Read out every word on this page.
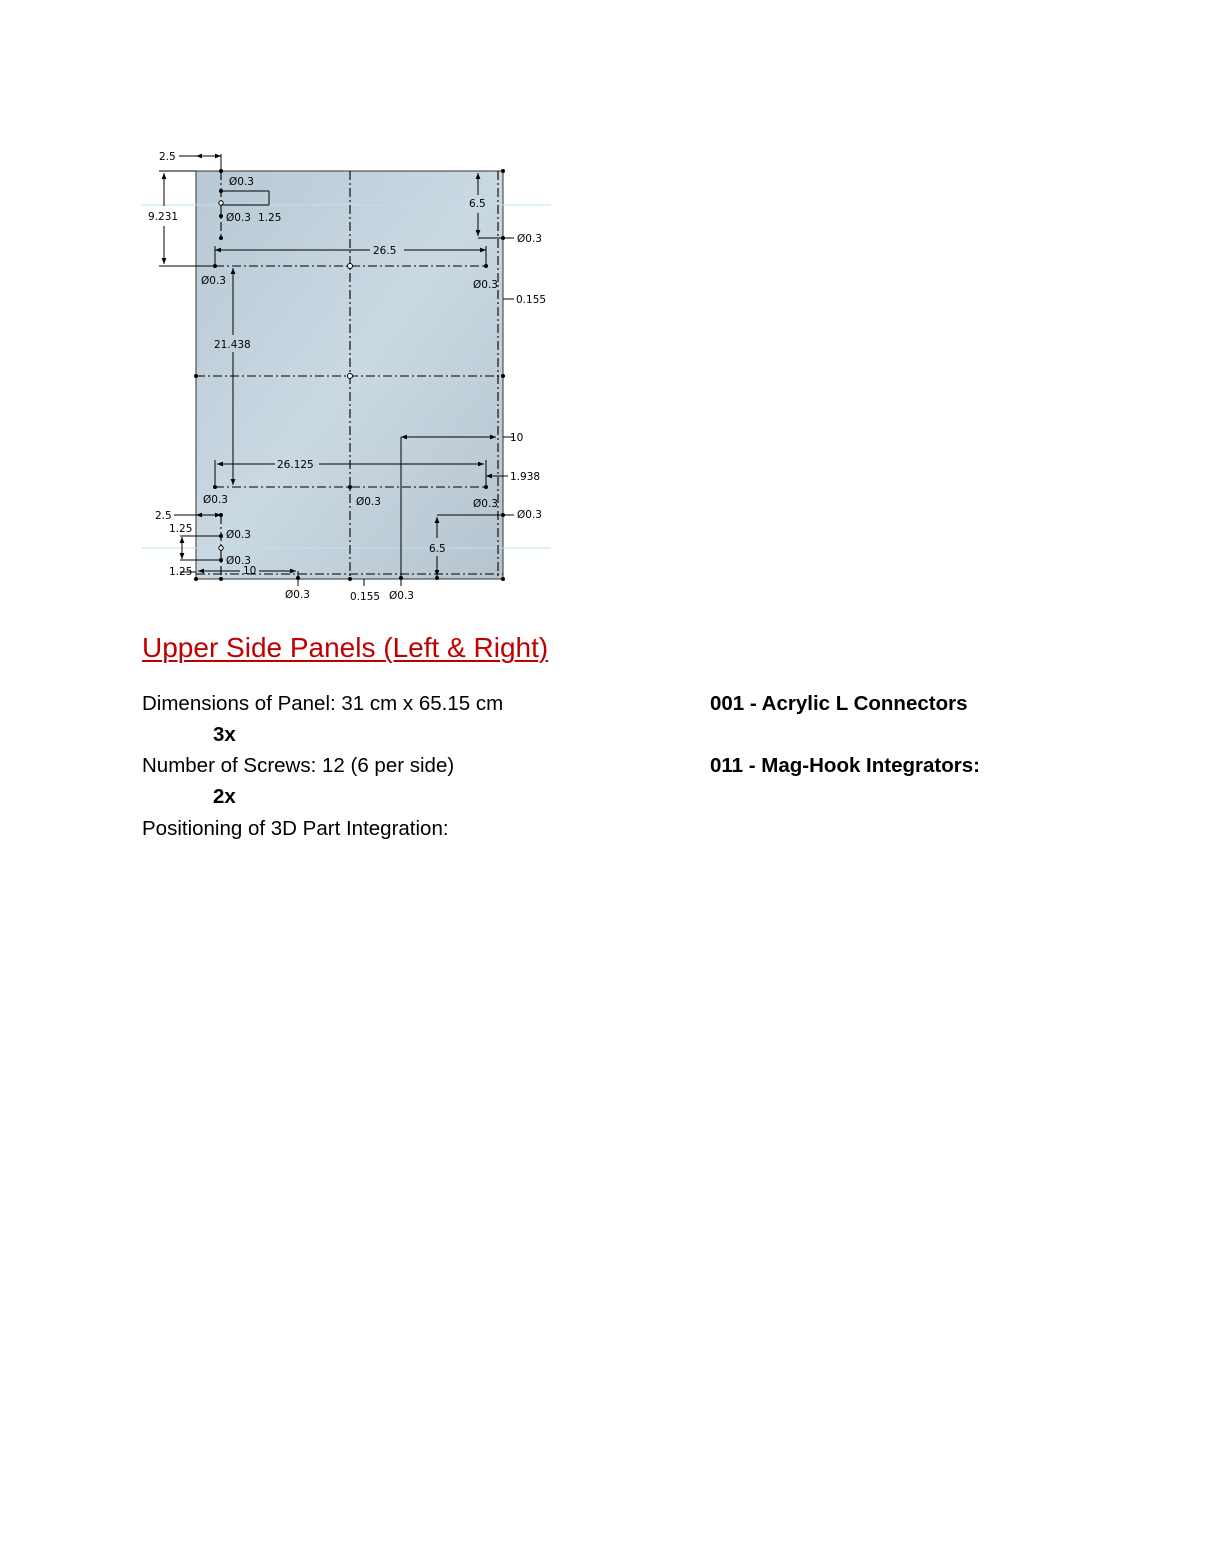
2.5
Ø0.3
Ø0.3 1.25
9.231
6.5
Ø0.3
26.5
Ø0.3	Ø0.3
0.155
21.438
10
26.125
1.938
Ø0.3	Ø0.3	Ø0.3
2.5	Ø0.3
1.25	Ø0.3
6.5
Ø0.3
1.25	10
Ø0.3	0.155 Ø0.3
Upper Side Panels (Left & Right)
Dimensions of Panel: 31 cm x 65.15 cm
3x
Number of Screws: 12 (6 per side)
2x
Positioning of 3D Part Integration:
001 - Acrylic L Connectors
011 - Mag-Hook Integrators:
